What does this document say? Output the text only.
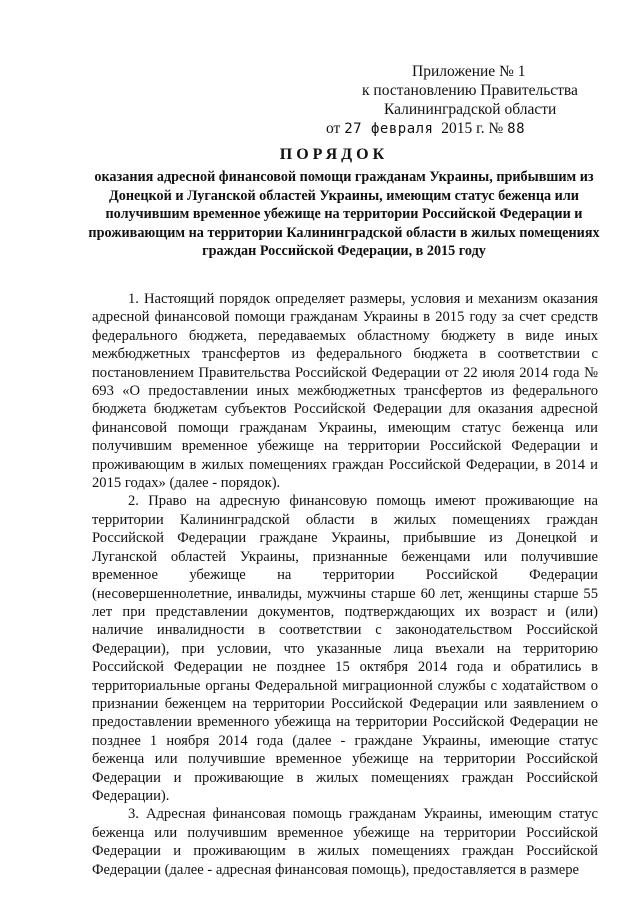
Приложение № 1
к постановлению Правительства
Калининградской области
от 27 февраля 2015 г. № 88
ПОРЯДОК
оказания адресной финансовой помощи гражданам Украины, прибывшим из Донецкой и Луганской областей Украины, имеющим статус беженца или получившим временное убежище на территории Российской Федерации и проживающим на территории Калининградской области в жилых помещениях граждан Российской Федерации, в 2015 году

1. Настоящий порядок определяет размеры, условия и механизм оказания адресной финансовой помощи гражданам Украины в 2015 году за счет средств федерального бюджета, передаваемых областному бюджету в виде иных межбюджетных трансфертов из федерального бюджета в соответствии с постановлением Правительства Российской Федерации от 22 июля 2014 года № 693 «О предоставлении иных межбюджетных трансфертов из федерального бюджета бюджетам субъектов Российской Федерации для оказания адресной финансовой помощи гражданам Украины, имеющим статус беженца или получившим временное убежище на территории Российской Федерации и проживающим в жилых помещениях граждан Российской Федерации, в 2014 и 2015 годах» (далее - порядок).

2. Право на адресную финансовую помощь имеют проживающие на территории Калининградской области в жилых помещениях граждан Российской Федерации граждане Украины, прибывшие из Донецкой и Луганской областей Украины, признанные беженцами или получившие временное убежище на территории Российской Федерации (несовершеннолетние, инвалиды, мужчины старше 60 лет, женщины старше 55 лет при представлении документов, подтверждающих их возраст и (или) наличие инвалидности в соответствии с законодательством Российской Федерации), при условии, что указанные лица въехали на территорию Российской Федерации не позднее 15 октября 2014 года и обратились в территориальные органы Федеральной миграционной службы с ходатайством о признании беженцем на территории Российской Федерации или заявлением о предоставлении временного убежища на территории Российской Федерации не позднее 1 ноября 2014 года (далее - граждане Украины, имеющие статус беженца или получившие временное убежище на территории Российской Федерации и проживающие в жилых помещениях граждан Российской Федерации).

3. Адресная финансовая помощь гражданам Украины, имеющим статус беженца или получившим временное убежище на территории Российской Федерации и проживающим в жилых помещениях граждан Российской Федерации (далее - адресная финансовая помощь), предоставляется в размере
